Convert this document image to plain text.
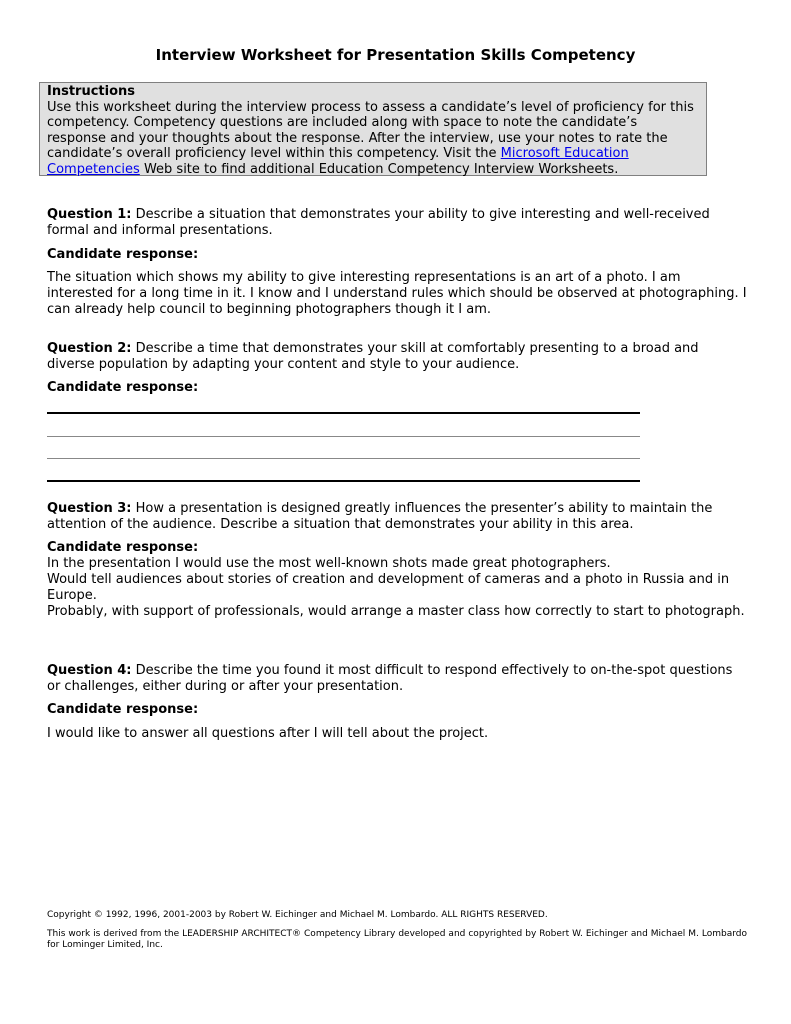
Interview Worksheet for Presentation Skills Competency
Instructions
Use this worksheet during the interview process to assess a candidate’s level of proficiency for this competency. Competency questions are included along with space to note the candidate’s response and your thoughts about the response. After the interview, use your notes to rate the candidate’s overall proficiency level within this competency. Visit the Microsoft Education Competencies Web site to find additional Education Competency Interview Worksheets.
Question 1: Describe a situation that demonstrates your ability to give interesting and well-received formal and informal presentations.
Candidate response:
The situation which shows my ability to give interesting representations is an art of a photo. I am interested for a long time in it. I know and I understand rules which should be observed at photographing. I can already help council to beginning photographers though it I am.
Question 2: Describe a time that demonstrates your skill at comfortably presenting to a broad and diverse population by adapting your content and style to your audience.
Candidate response:
Question 3: How a presentation is designed greatly influences the presenter’s ability to maintain the attention of the audience. Describe a situation that demonstrates your ability in this area.
Candidate response:
In the presentation I would use the most well-known shots made great photographers.
Would tell audiences about stories of creation and development of cameras and a photo in Russia and in Europe.
Probably, with support of professionals, would arrange a master class how correctly to start to photograph.
Question 4: Describe the time you found it most difficult to respond effectively to on-the-spot questions or challenges, either during or after your presentation.
Candidate response:
I would like to answer all questions after I will tell about the project.
Copyright © 1992, 1996, 2001-2003 by Robert W. Eichinger and Michael M. Lombardo. ALL RIGHTS RESERVED.
This work is derived from the LEADERSHIP ARCHITECT® Competency Library developed and copyrighted by Robert W. Eichinger and Michael M. Lombardo for Lominger Limited, Inc.
